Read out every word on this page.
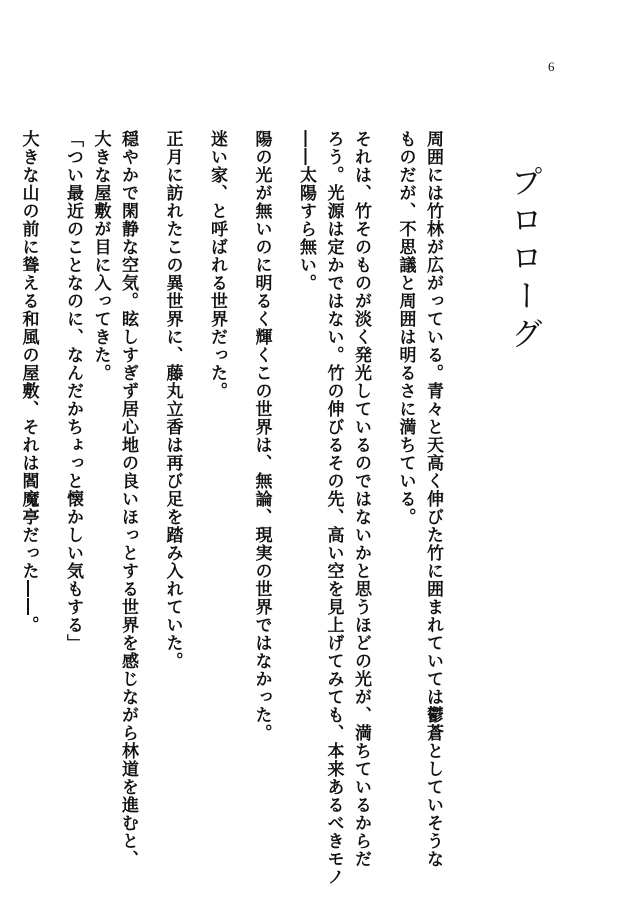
6
プロローグ
周囲には竹林が広がっている。青々と天高く伸びた竹に囲まれていては鬱蒼としていそうな
ものだが、不思議と周囲は明るさに満ちている。
それは、竹そのものが淡く発光しているのではないかと思うほどの光が、満ちているからだ
ろう。光源は定かではない。竹の伸びるその先、高い空を見上げてみても、本来あるべきモノ
――太陽すら無い。
陽の光が無いのに明るく輝くこの世界は、無論、現実の世界ではなかった。
迷い家、と呼ばれる世界だった。
正月に訪れたこの異世界に、藤丸立香は再び足を踏み入れていた。
穏やかで閑静な空気。眩しすぎず居心地の良いほっとする世界を感じながら林道を進むと、
大きな屋敷が目に入ってきた。
「つい最近のことなのに、なんだかちょっと懐かしい気もする」
大きな山の前に聳える和風の屋敷、それは閻魔亭だった――。
